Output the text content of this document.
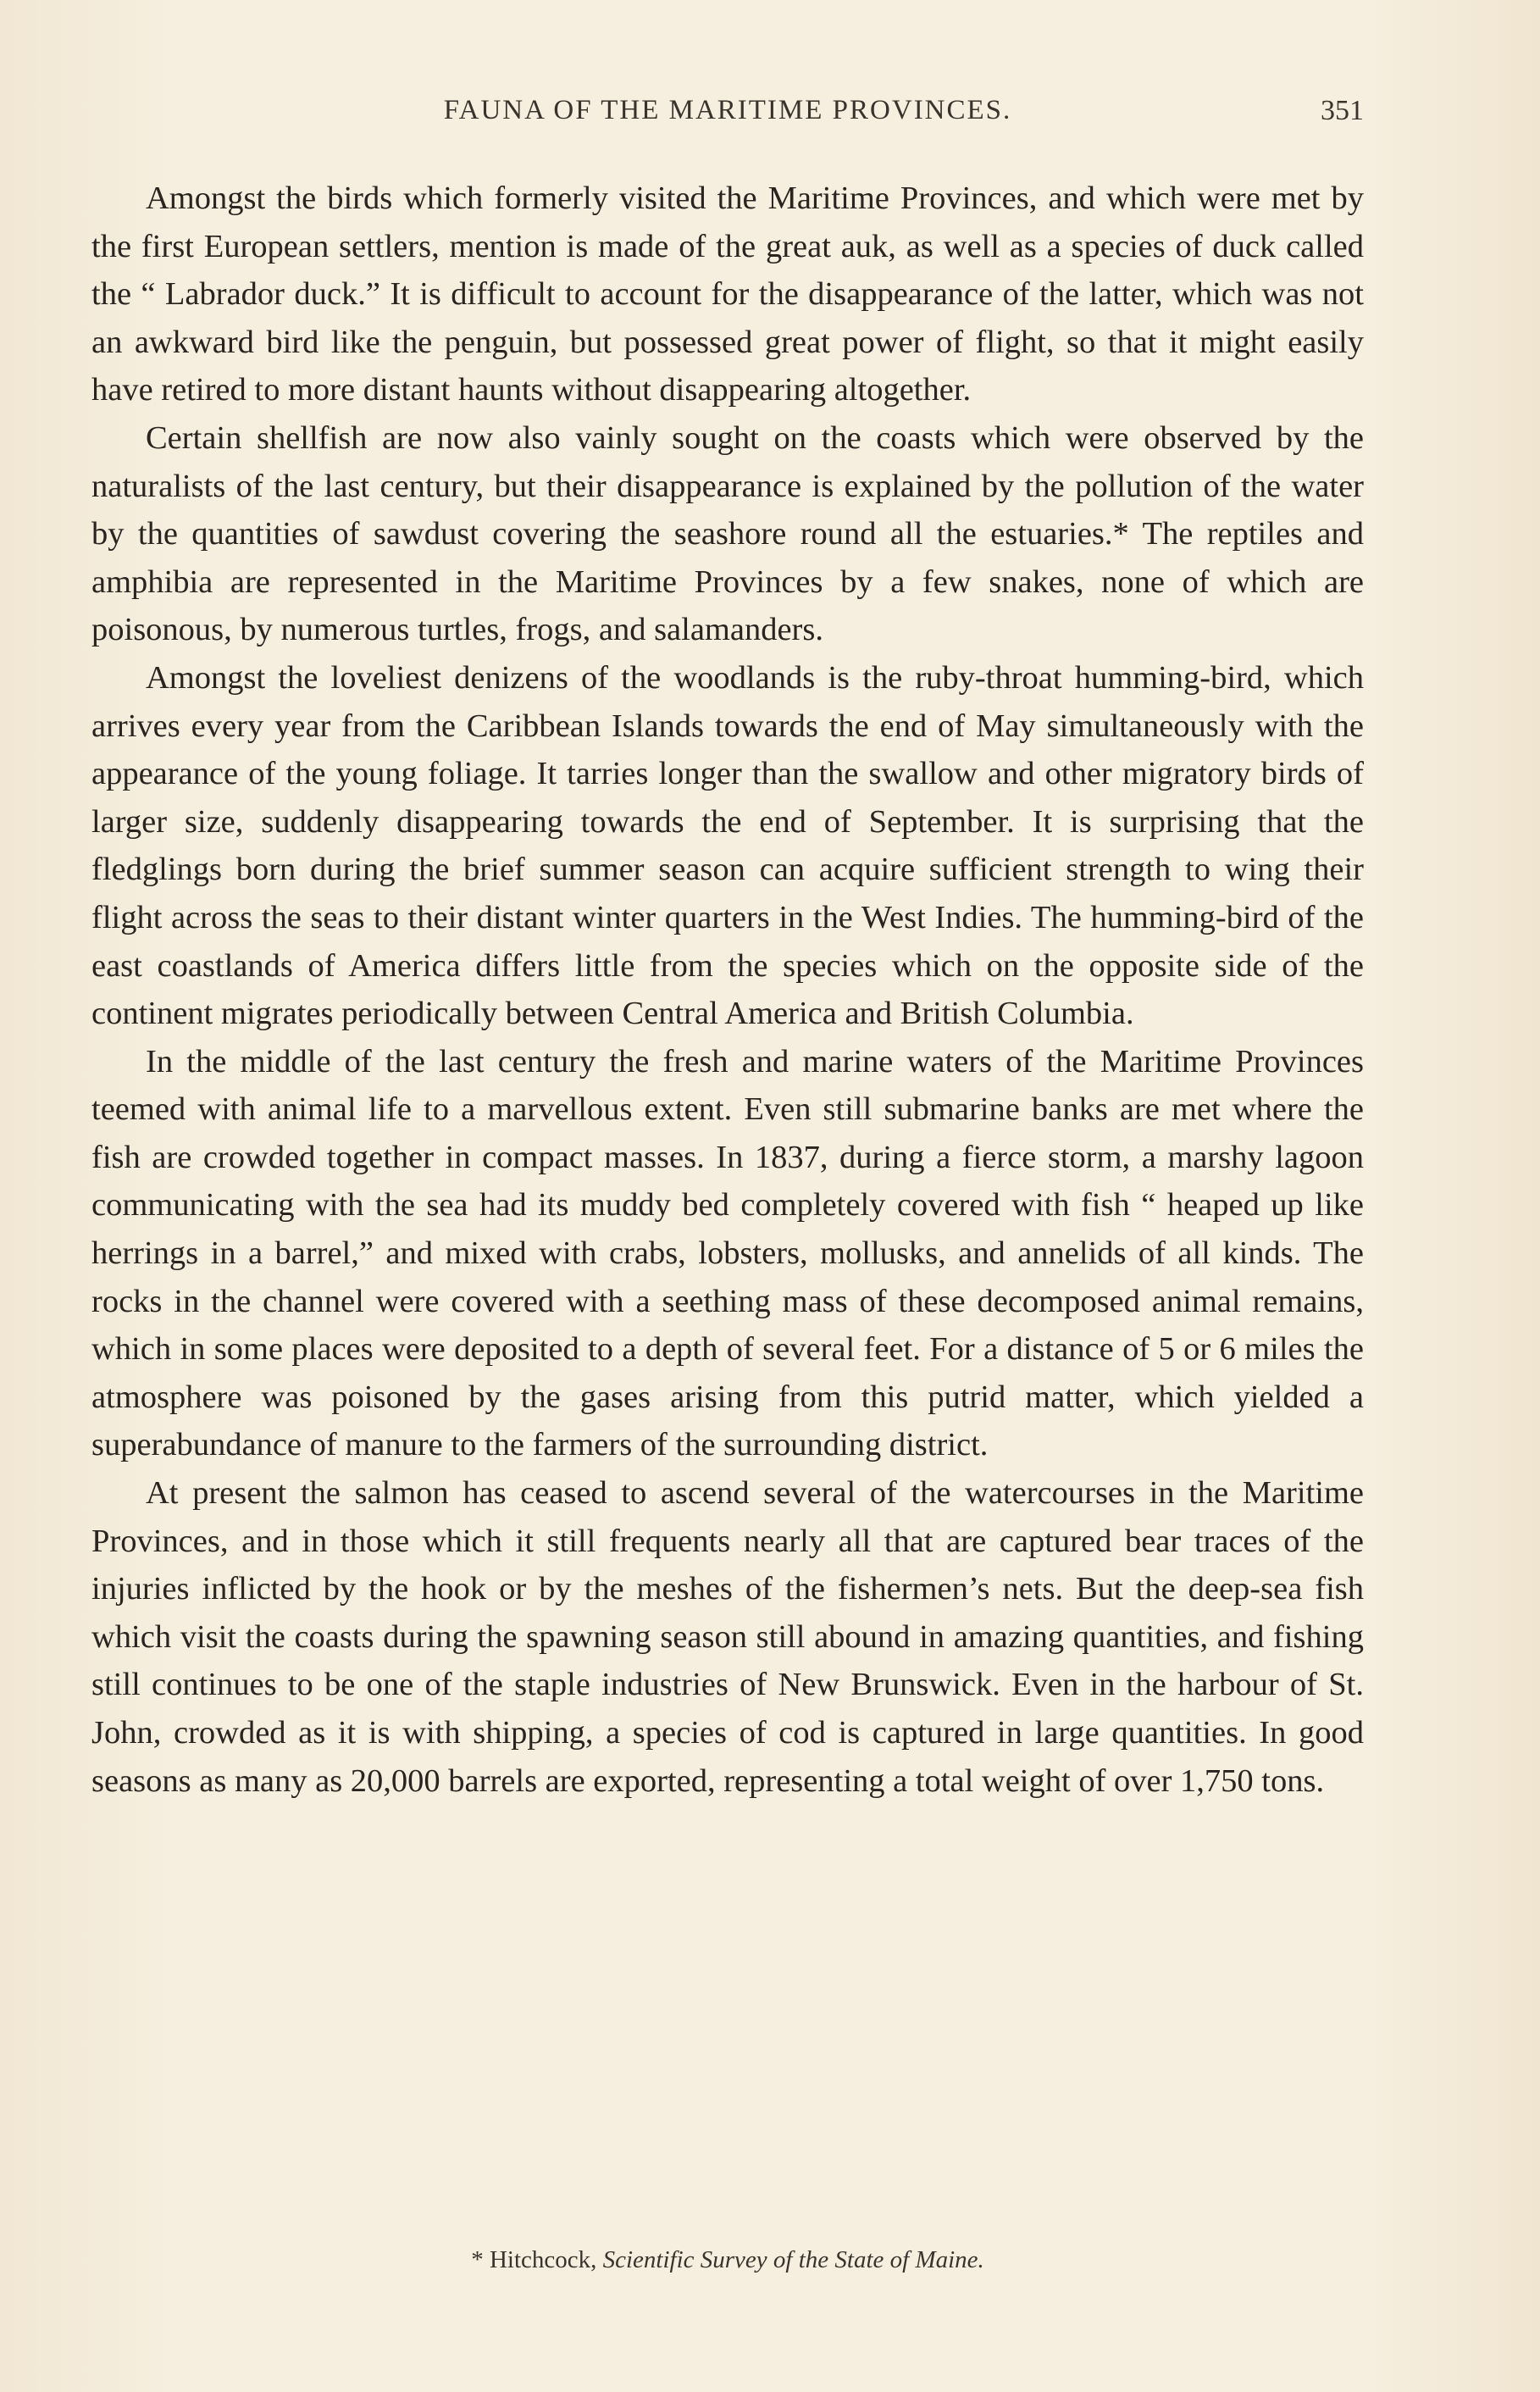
FAUNA OF THE MARITIME PROVINCES.	351

Amongst the birds which formerly visited the Maritime Provinces, and which were met by the first European settlers, mention is made of the great auk, as well as a species of duck called the “ Labrador duck.” It is difficult to account for the disappearance of the latter, which was not an awkward bird like the penguin, but possessed great power of flight, so that it might easily have retired to more distant haunts without disappearing altogether.

Certain shellfish are now also vainly sought on the coasts which were observed by the naturalists of the last century, but their disappearance is explained by the pollution of the water by the quantities of sawdust covering the seashore round all the estuaries.* The reptiles and amphibia are represented in the Maritime Provinces by a few snakes, none of which are poisonous, by numerous turtles, frogs, and salamanders.

Amongst the loveliest denizens of the woodlands is the ruby-throat humming-bird, which arrives every year from the Caribbean Islands towards the end of May simultaneously with the appearance of the young foliage. It tarries longer than the swallow and other migratory birds of larger size, suddenly disappearing towards the end of September. It is surprising that the fledglings born during the brief summer season can acquire sufficient strength to wing their flight across the seas to their distant winter quarters in the West Indies. The humming-bird of the east coastlands of America differs little from the species which on the opposite side of the continent migrates periodically between Central America and British Columbia.

In the middle of the last century the fresh and marine waters of the Maritime Provinces teemed with animal life to a marvellous extent. Even still submarine banks are met where the fish are crowded together in compact masses. In 1837, during a fierce storm, a marshy lagoon communicating with the sea had its muddy bed completely covered with fish “ heaped up like herrings in a barrel,” and mixed with crabs, lobsters, mollusks, and annelids of all kinds. The rocks in the channel were covered with a seething mass of these decomposed animal remains, which in some places were deposited to a depth of several feet. For a distance of 5 or 6 miles the atmosphere was poisoned by the gases arising from this putrid matter, which yielded a superabundance of manure to the farmers of the surrounding district.

At present the salmon has ceased to ascend several of the watercourses in the Maritime Provinces, and in those which it still frequents nearly all that are captured bear traces of the injuries inflicted by the hook or by the meshes of the fishermen’s nets. But the deep-sea fish which visit the coasts during the spawning season still abound in amazing quantities, and fishing still continues to be one of the staple industries of New Brunswick. Even in the harbour of St. John, crowded as it is with shipping, a species of cod is captured in large quantities. In good seasons as many as 20,000 barrels are exported, representing a total weight of over 1,750 tons.

* Hitchcock, Scientific Survey of the State of Maine.
